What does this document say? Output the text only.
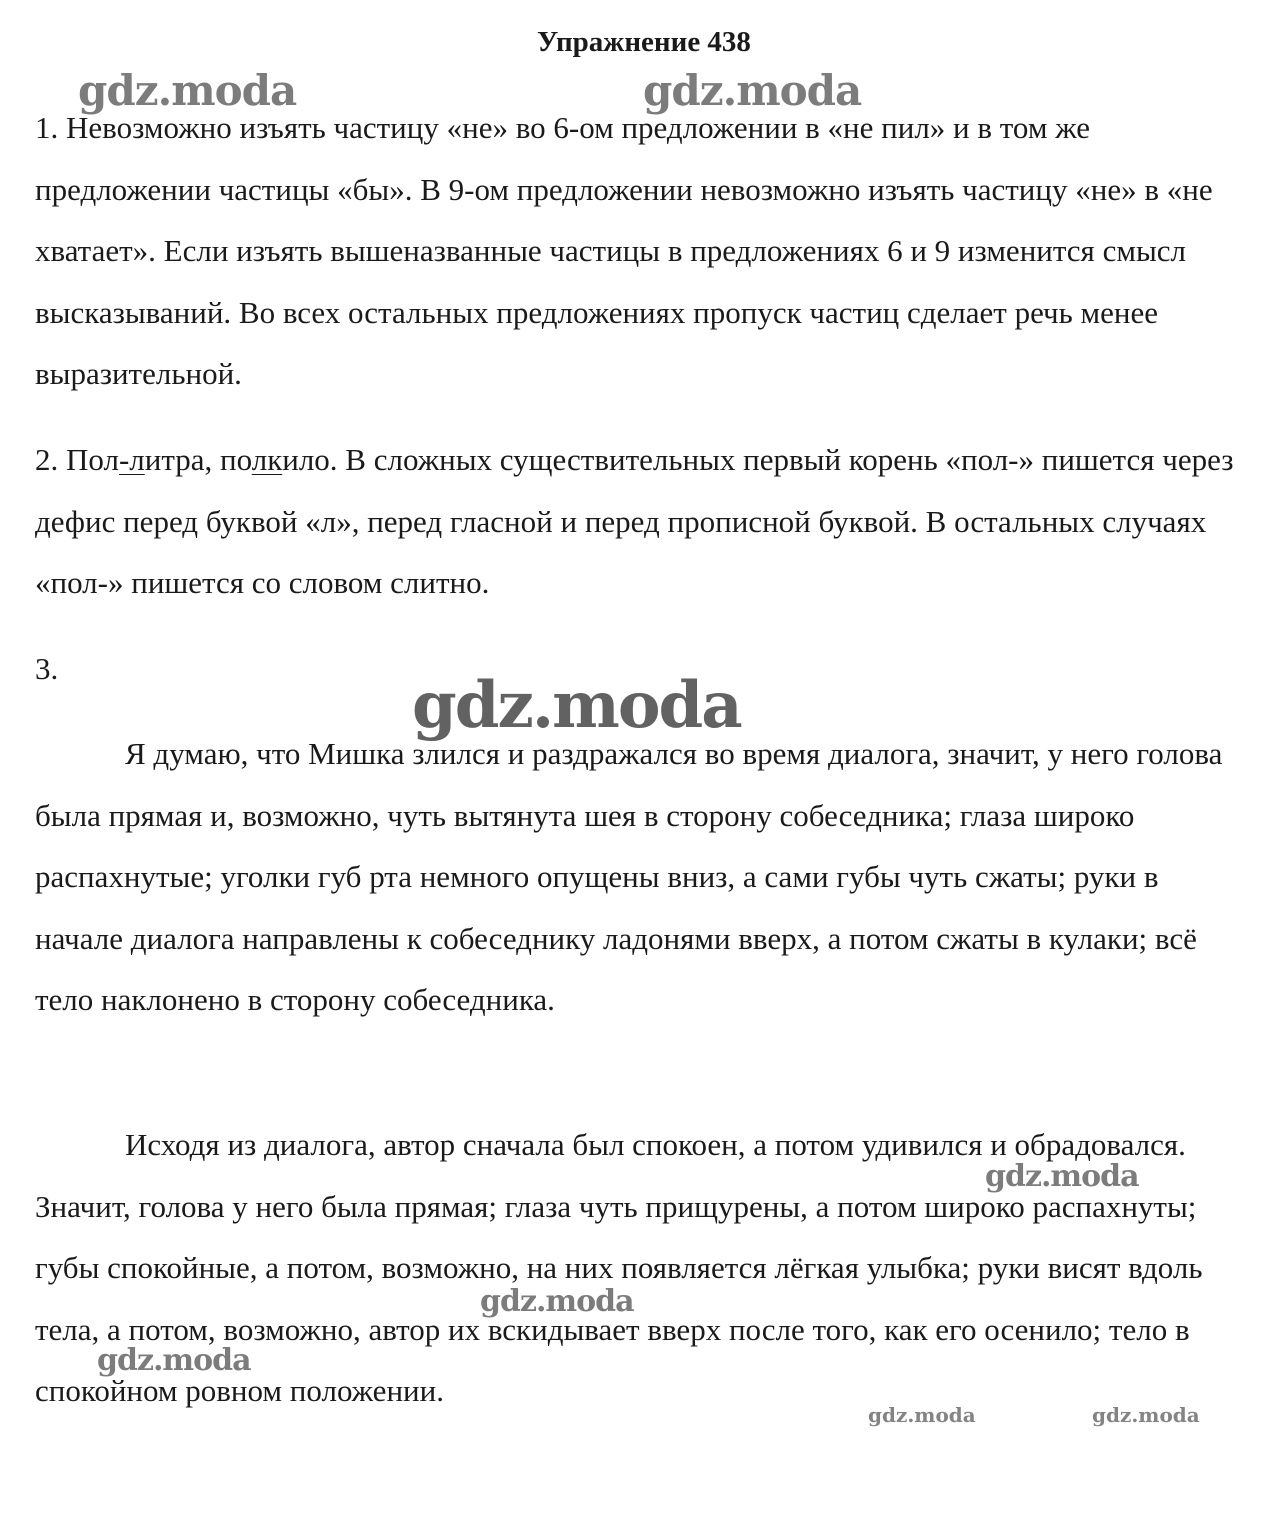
Упражнение 438

1. Невозможно изъять частицу «не» во 6-ом предложении в «не пил» и в том же предложении частицы «бы». В 9-ом предложении невозможно изъять частицу «не» в «не хватает». Если изъять вышеназванные частицы в предложениях 6 и 9 изменится смысл высказываний. Во всех остальных предложениях пропуск частиц сделает речь менее выразительной.

2. Пол-литра, полкило. В сложных существительных первый корень «пол-» пишется через дефис перед буквой «л», перед гласной и перед прописной буквой. В остальных случаях «пол-» пишется со словом слитно.

3.

Я думаю, что Мишка злился и раздражался во время диалога, значит, у него голова была прямая и, возможно, чуть вытянута шея в сторону собеседника; глаза широко распахнутые; уголки губ рта немного опущены вниз, а сами губы чуть сжаты; руки в начале диалога направлены к собеседнику ладонями вверх, а потом сжаты в кулаки; всё тело наклонено в сторону собеседника.

Исходя из диалога, автор сначала был спокоен, а потом удивился и обрадовался. Значит, голова у него была прямая; глаза чуть прищурены, а потом широко распахнуты; губы спокойные, а потом, возможно, на них появляется лёгкая улыбка; руки висят вдоль тела, а потом, возможно, автор их вскидывает вверх после того, как его осенило; тело в спокойном ровном положении.

gdz.moda	gdz.moda
gdz.moda
gdz.moda
gdz.moda
gdz.moda
gdz.moda	gdz.moda
